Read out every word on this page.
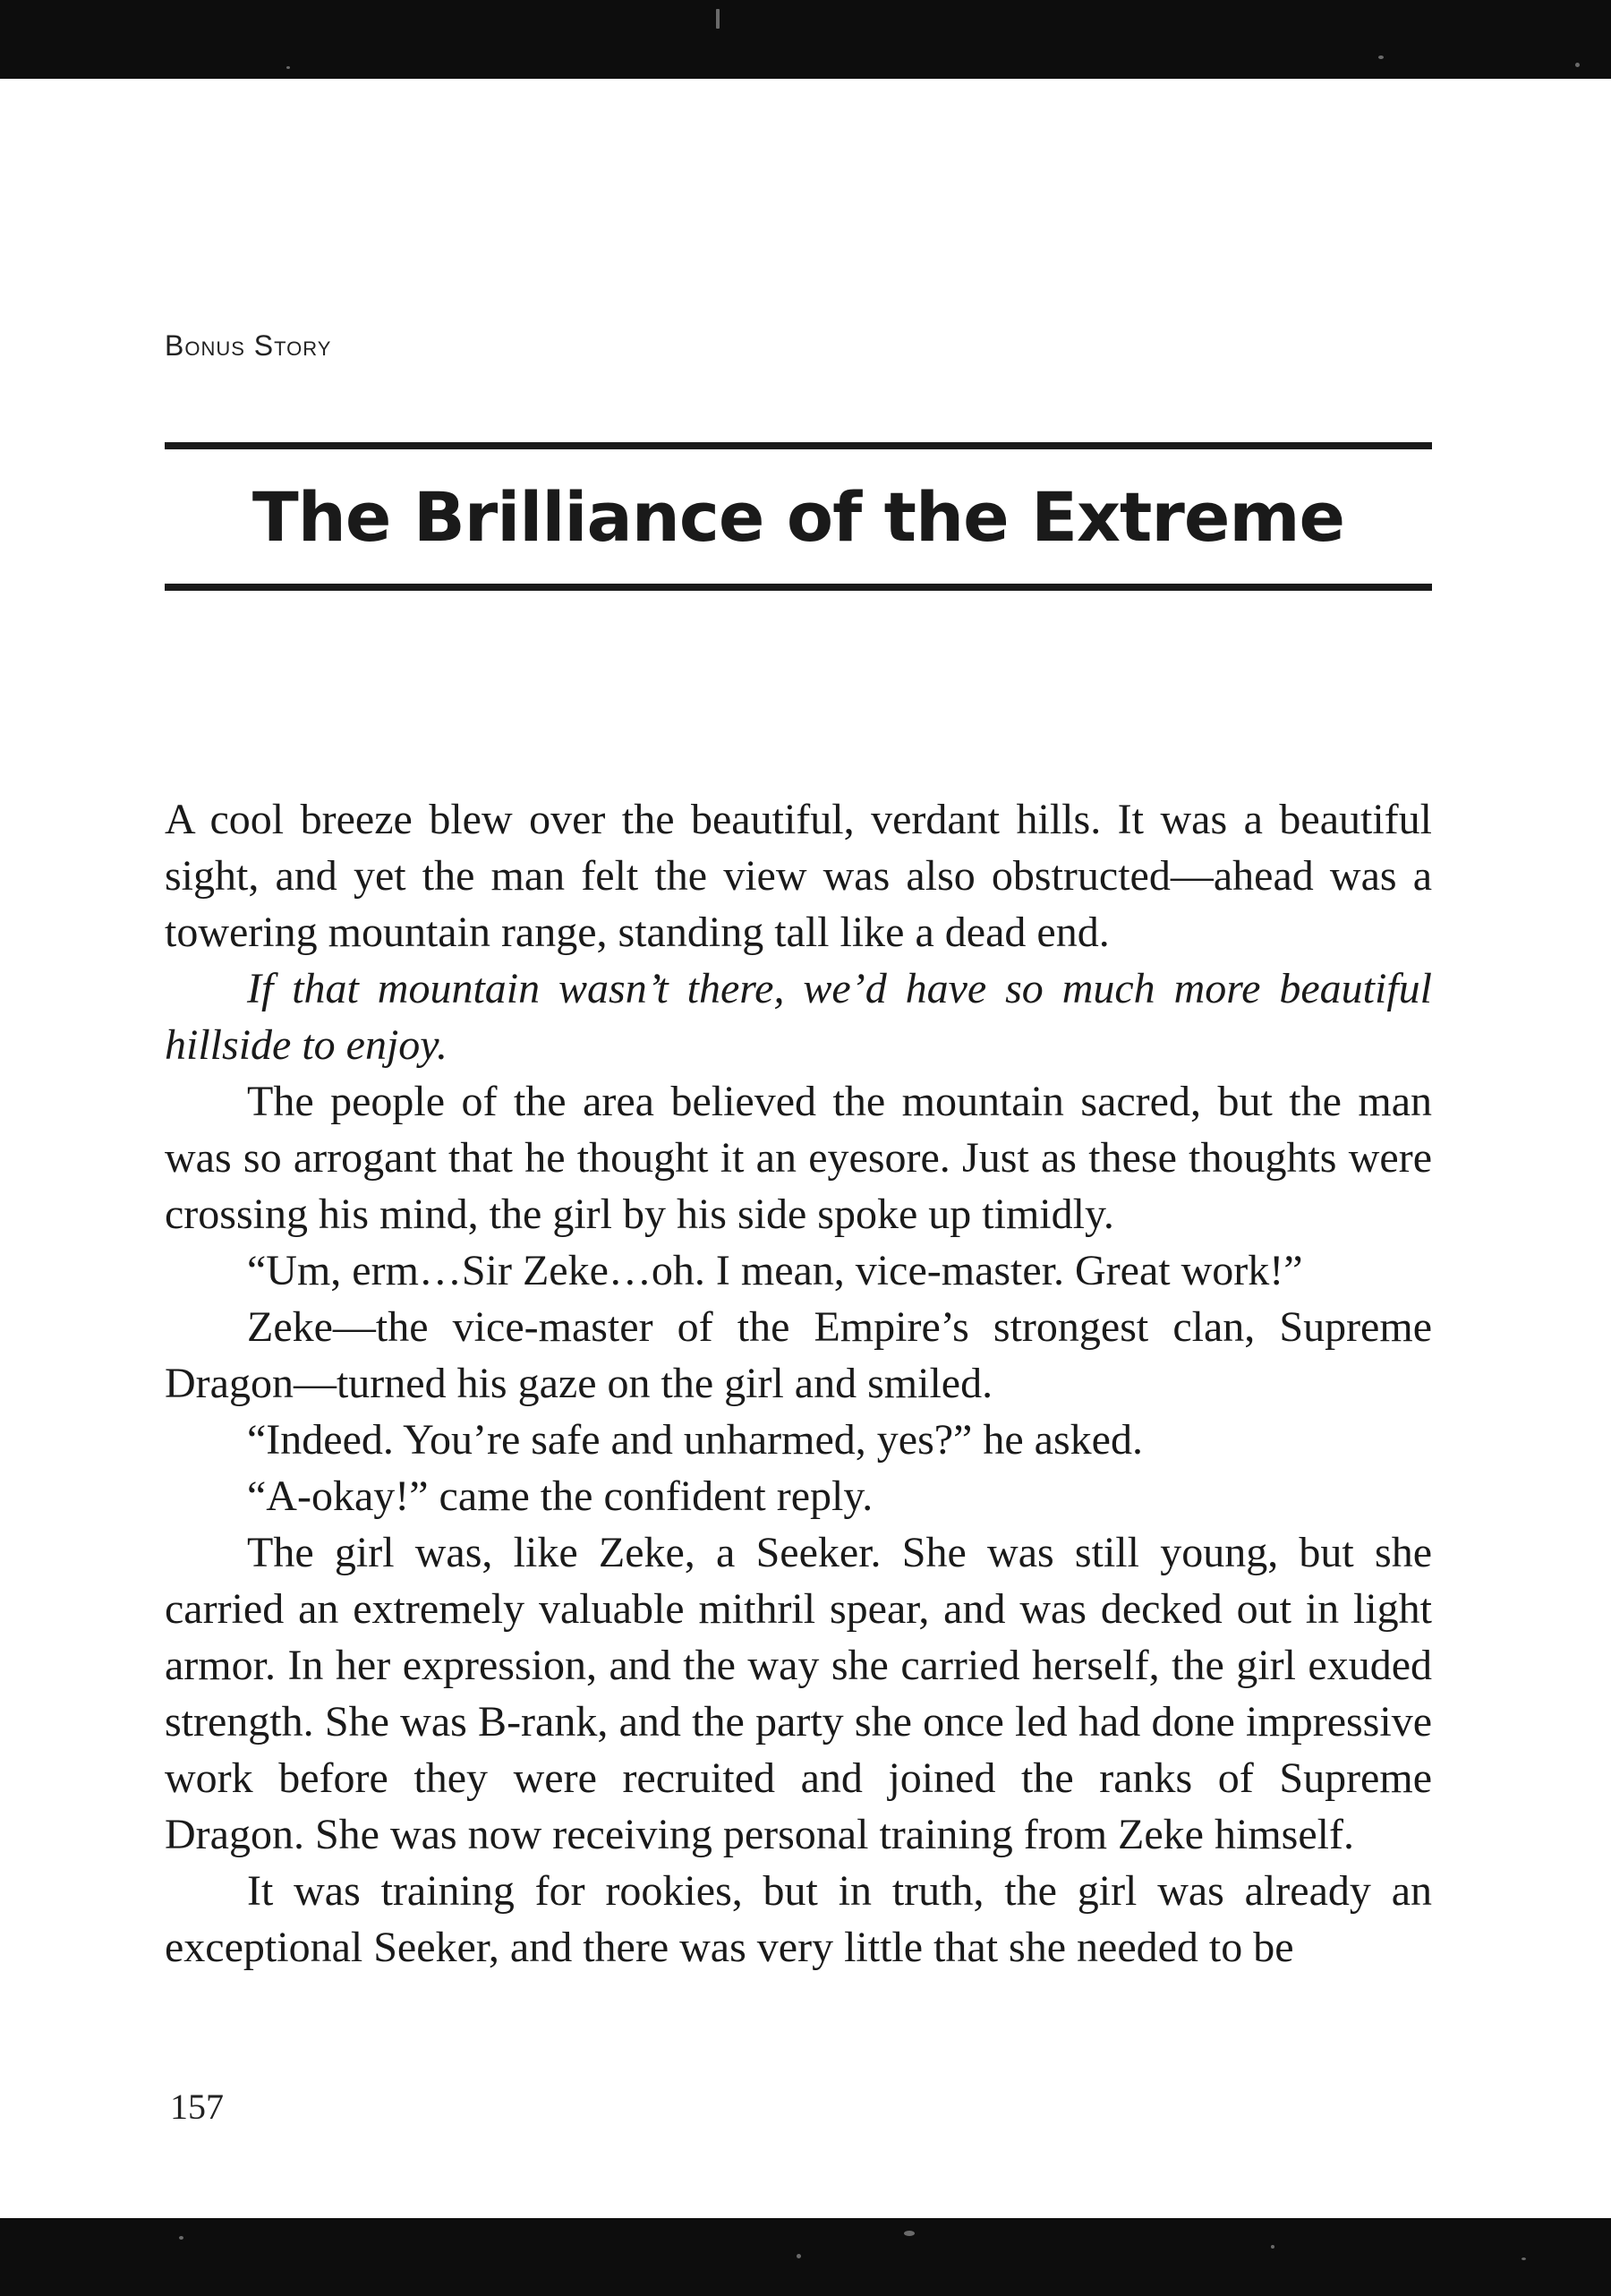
Bonus Story
The Brilliance of the Extreme

A cool breeze blew over the beautiful, verdant hills. It was a beautiful sight, and yet the man felt the view was also obstructed—ahead was a towering mountain range, standing tall like a dead end.

If that mountain wasn’t there, we’d have so much more beautiful hillside to enjoy.

The people of the area believed the mountain sacred, but the man was so arrogant that he thought it an eyesore. Just as these thoughts were crossing his mind, the girl by his side spoke up timidly.

“Um, erm…Sir Zeke…oh. I mean, vice-master. Great work!”

Zeke—the vice-master of the Empire’s strongest clan, Supreme Dragon—turned his gaze on the girl and smiled.

“Indeed. You’re safe and unharmed, yes?” he asked.

“A-okay!” came the confident reply.

The girl was, like Zeke, a Seeker. She was still young, but she carried an extremely valuable mithril spear, and was decked out in light armor. In her expression, and the way she carried herself, the girl exuded strength. She was B-rank, and the party she once led had done impressive work before they were recruited and joined the ranks of Supreme Dragon. She was now receiving personal training from Zeke himself.

It was training for rookies, but in truth, the girl was already an exceptional Seeker, and there was very little that she needed to be

157
